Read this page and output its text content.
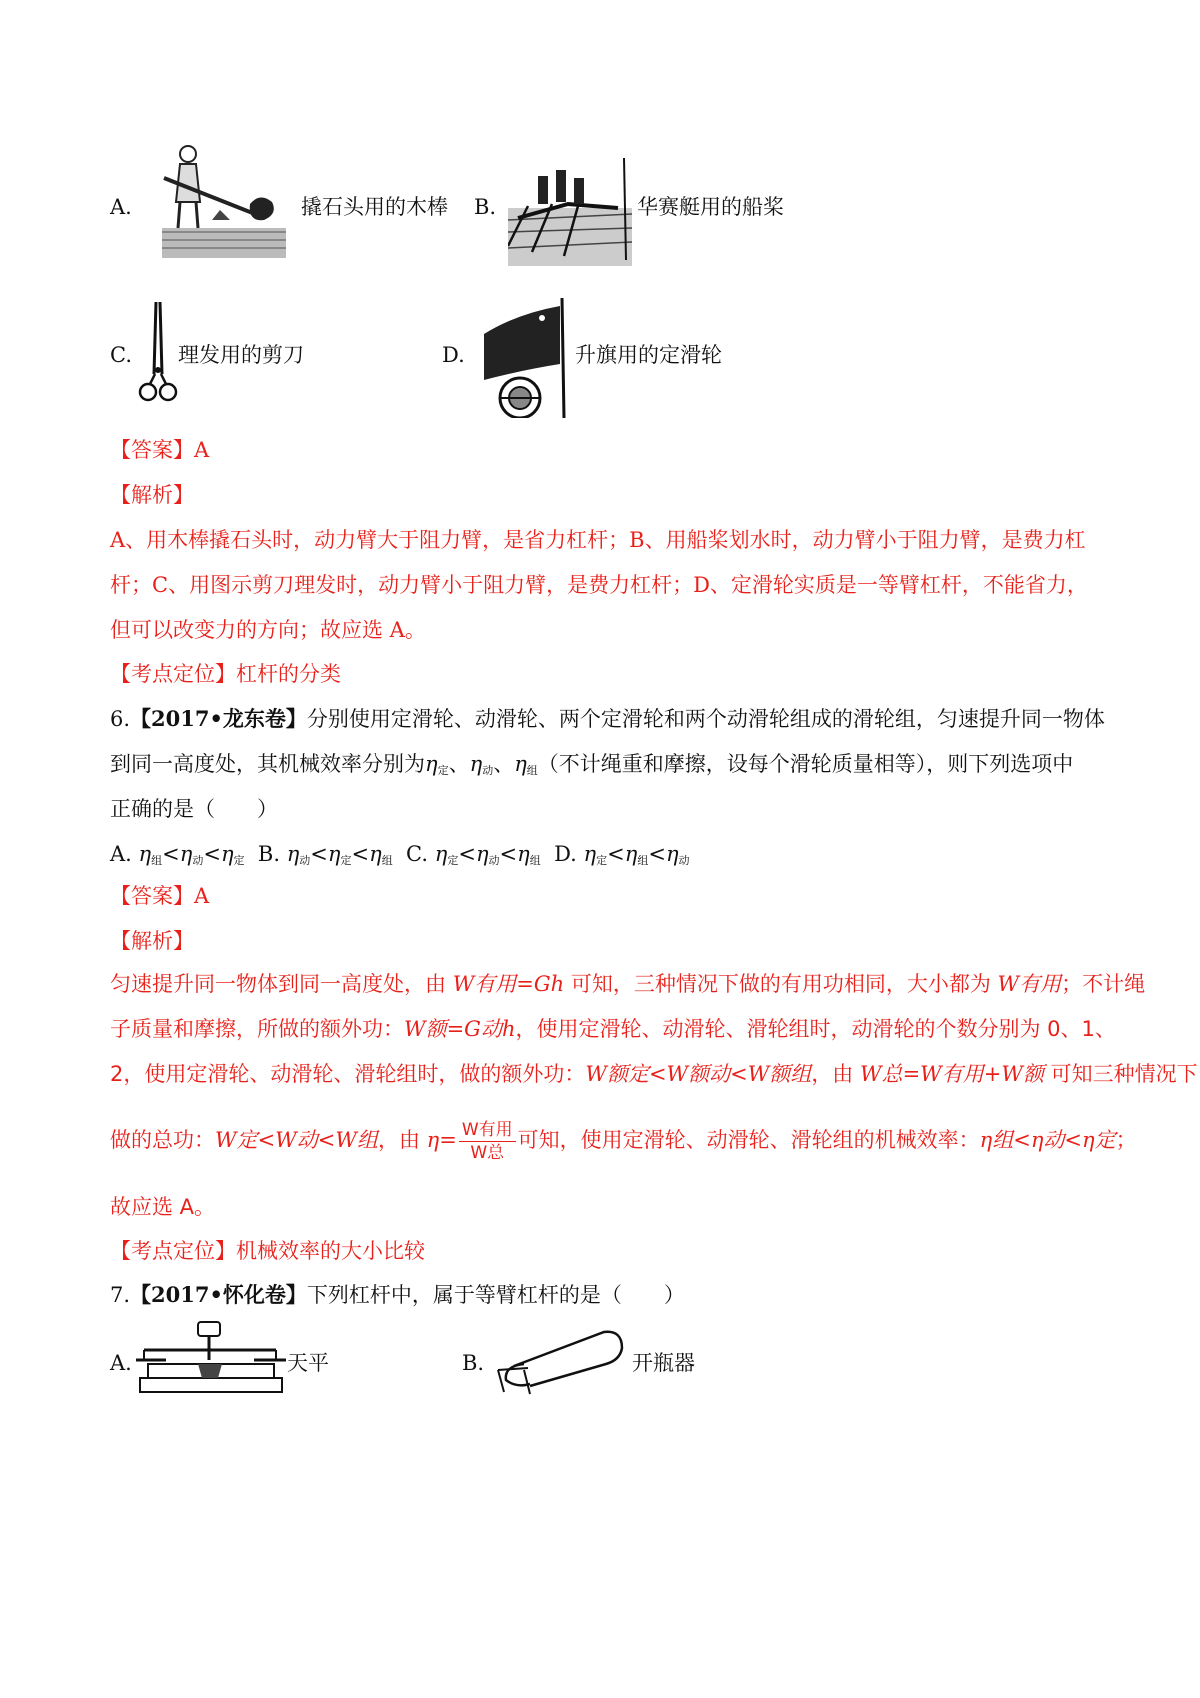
A.	撬石头用的木棒 B.	华赛艇用的船桨
C. 理发用的剪刀	D.	升旗用的定滑轮
【答案】A
【解析】
A、用木棒撬石头时，动力臂大于阻力臂，是省力杠杆；B、用船桨划水时，动力臂小于阻力臂，是费力杠
杆；C、用图示剪刀理发时，动力臂小于阻力臂，是费力杠杆；D、定滑轮实质是一等臂杠杆，不能省力，
但可以改变力的方向；故应选 A。
【考点定位】杠杆的分类
6.【2017•龙东卷】分别使用定滑轮、动滑轮、两个定滑轮和两个动滑轮组成的滑轮组，匀速提升同一物体
到同一高度处，其机械效率分别为$\eta_定$、$\eta_动$、$\eta_组$（不计绳重和摩擦，设每个滑轮质量相等），则下列选项中
正确的是（　　）
A. $\eta_组<\eta_动<\eta_定$ B. $\eta_动<\eta_定<\eta_组$ C. $\eta_定<\eta_动<\eta_组$ D. $\eta_定<\eta_组<\eta_动$
【答案】A
【解析】
匀速提升同一物体到同一高度处，由 W有用=Gh 可知，三种情况下做的有用功相同，大小都为 W有用；不计绳
子质量和摩擦，所做的额外功：W额=G动h，使用定滑轮、动滑轮、滑轮组时，动滑轮的个数分别为 0、1、
2，使用定滑轮、动滑轮、滑轮组时，做的额外功：W额定<W额动<W额组，由 W总=W有用+W额 可知三种情况下
做的总功：W定<W动<W组，由 $\eta= \frac{\text{W有用}}{\text{W总}}$ 可知，使用定滑轮、动滑轮、滑轮组的机械效率：η组<η动<η定；
故应选 A。
【考点定位】机械效率的大小比较
7.【2017•怀化卷】下列杠杆中，属于等臂杠杆的是（　　）
A.	天平	B.	开瓶器
